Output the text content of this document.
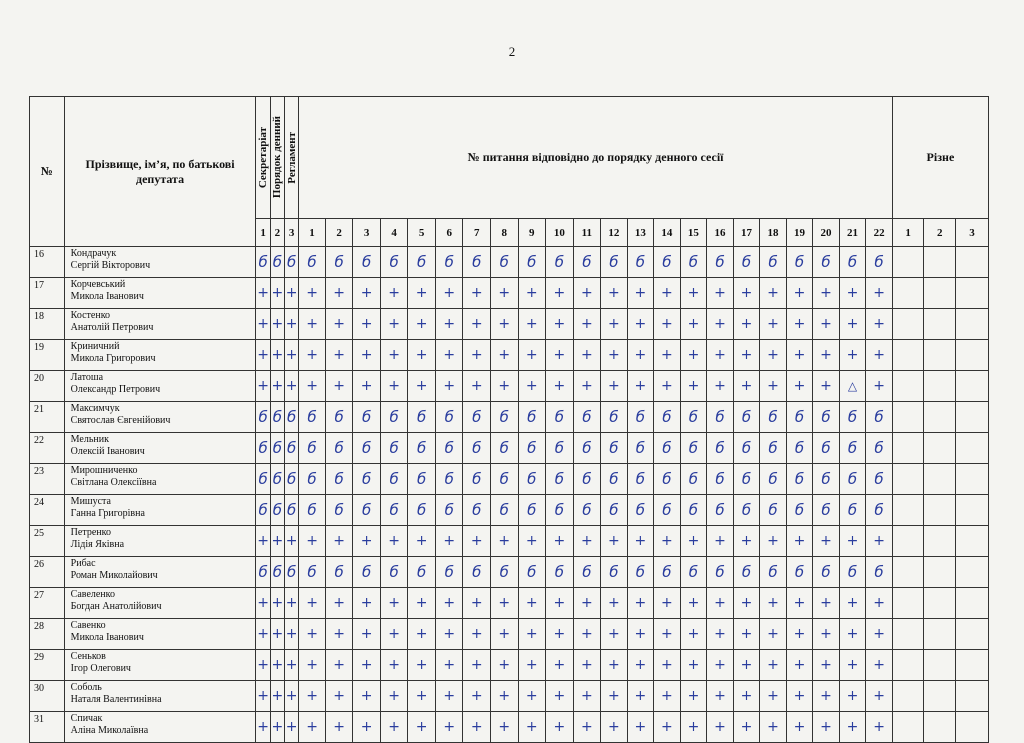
2
№	Прізвище, ім’я, по батькові депутата	Секретаріат	Порядок денний	Регламент	№ питання відповідно до порядку денного сесії																						Різне		
		1	2	3	1	2	3	4	5	6	7	8	9	10	11	12	13	14	15	16	17	18	19	20	21	22	1	2	3
16	Кондрачук
Сергій Вікторович	б	б	б	б	б	б	б	б	б	б	б	б	б	б	б	б	б	б	б	б	б	б	б	б	б			
17	Корчевський
Микола Іванович	+	+	+	+	+	+	+	+	+	+	+	+	+	+	+	+	+	+	+	+	+	+	+	+	+			
18	Костенко
Анатолій Петрович	+	+	+	+	+	+	+	+	+	+	+	+	+	+	+	+	+	+	+	+	+	+	+	+	+			
19	Криничний
Микола Григорович	+	+	+	+	+	+	+	+	+	+	+	+	+	+	+	+	+	+	+	+	+	+	+	+	+			
20	Латоша
Олександр Петрович	+	+	+	+	+	+	+	+	+	+	+	+	+	+	+	+	+	+	+	+	+	+	+	△	+			
21	Максимчук
Святослав Євгенійович	б	б	б	б	б	б	б	б	б	б	б	б	б	б	б	б	б	б	б	б	б	б	б	б	б			
22	Мельник
Олексій Іванович	б	б	б	б	б	б	б	б	б	б	б	б	б	б	б	б	б	б	б	б	б	б	б	б	б			
23	Мирошниченко
Світлана Олексіївна	б	б	б	б	б	б	б	б	б	б	б	б	б	б	б	б	б	б	б	б	б	б	б	б	б			
24	Мишуста
Ганна Григорівна	б	б	б	б	б	б	б	б	б	б	б	б	б	б	б	б	б	б	б	б	б	б	б	б	б			
25	Петренко
Лідія Яківна	+	+	+	+	+	+	+	+	+	+	+	+	+	+	+	+	+	+	+	+	+	+	+	+	+			
26	Рибас
Роман Миколайович	б	б	б	б	б	б	б	б	б	б	б	б	б	б	б	б	б	б	б	б	б	б	б	б	б			
27	Савеленко
Богдан Анатолійович	+	+	+	+	+	+	+	+	+	+	+	+	+	+	+	+	+	+	+	+	+	+	+	+	+			
28	Савенко
Микола Іванович	+	+	+	+	+	+	+	+	+	+	+	+	+	+	+	+	+	+	+	+	+	+	+	+	+			
29	Сеньков
Ігор Олегович	+	+	+	+	+	+	+	+	+	+	+	+	+	+	+	+	+	+	+	+	+	+	+	+	+			
30	Соболь
Наталя Валентинівна	+	+	+	+	+	+	+	+	+	+	+	+	+	+	+	+	+	+	+	+	+	+	+	+	+			
31	Спичак
Аліна Миколаївна	+	+	+	+	+	+	+	+	+	+	+	+	+	+	+	+	+	+	+	+	+	+	+	+	+			
